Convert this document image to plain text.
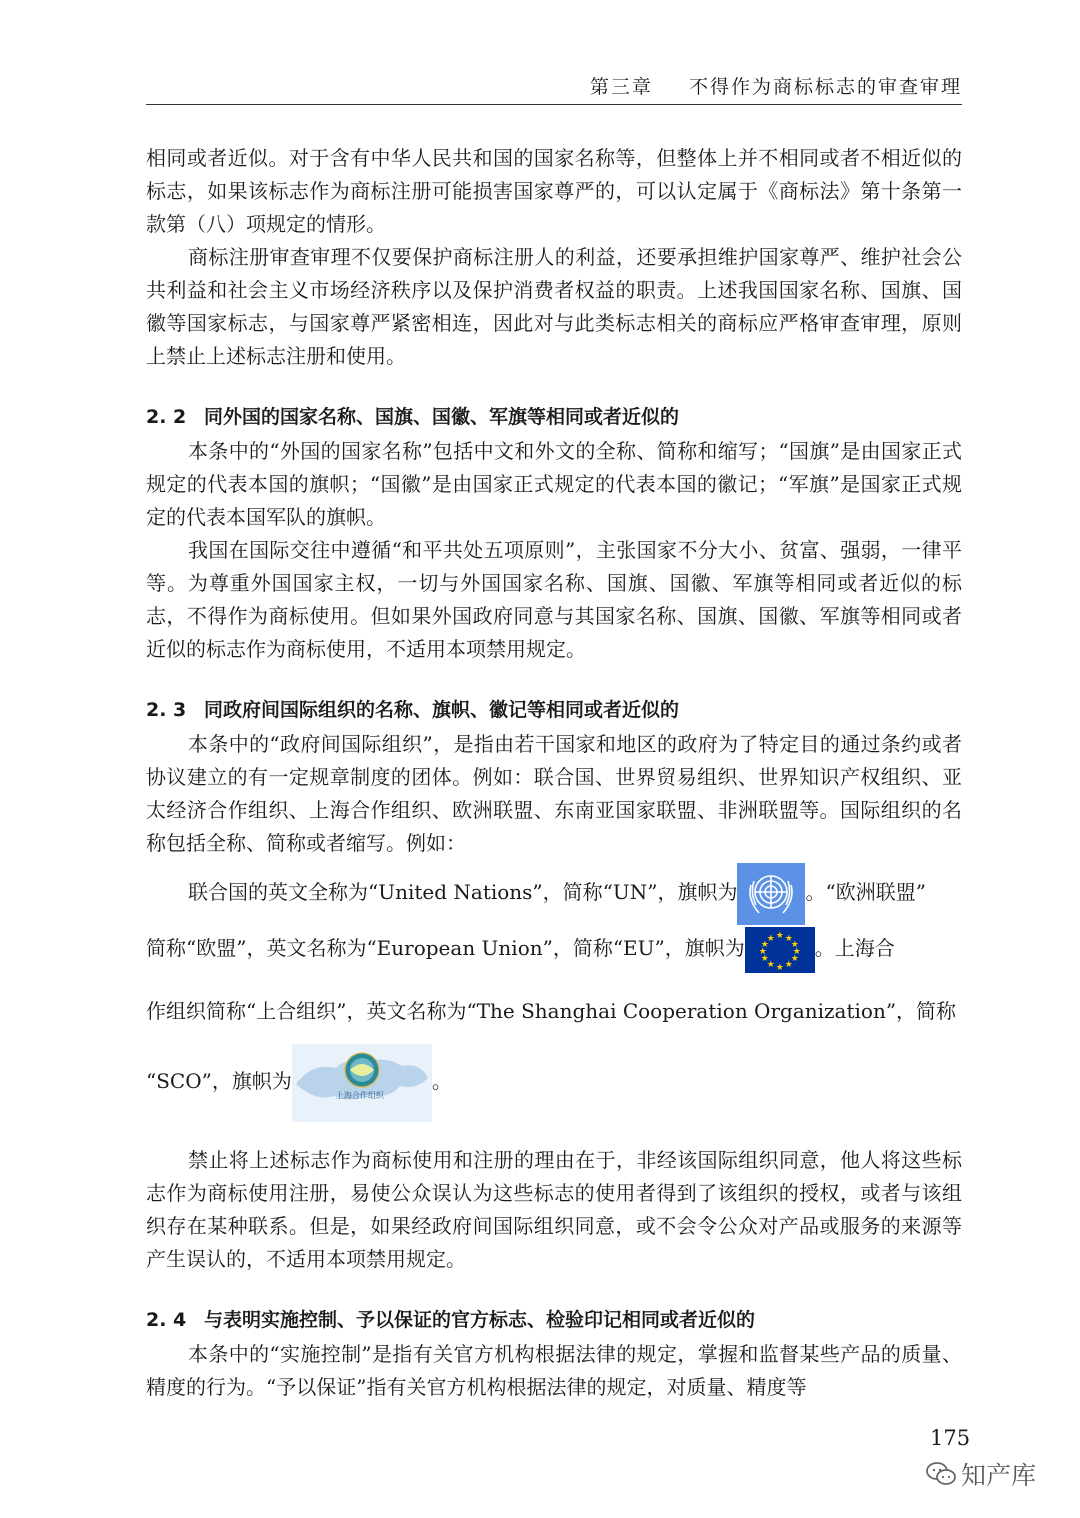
第三章 不得作为商标标志的审查审理

相同或者近似。对于含有中华人民共和国的国家名称等，但整体上并不相同或者不相近似的标志，如果该标志作为商标注册可能损害国家尊严的，可以认定属于《商标法》第十条第一款第（八）项规定的情形。

商标注册审查审理不仅要保护商标注册人的利益，还要承担维护国家尊严、维护社会公共利益和社会主义市场经济秩序以及保护消费者权益的职责。上述我国国家名称、国旗、国徽等国家标志，与国家尊严紧密相连，因此对与此类标志相关的商标应严格审查审理，原则上禁止上述标志注册和使用。

2. 2 同外国的国家名称、国旗、国徽、军旗等相同或者近似的

本条中的“外国的国家名称”包括中文和外文的全称、简称和缩写；“国旗”是由国家正式规定的代表本国的旗帜；“国徽”是由国家正式规定的代表本国的徽记；“军旗”是国家正式规定的代表本国军队的旗帜。

我国在国际交往中遵循“和平共处五项原则”，主张国家不分大小、贫富、强弱，一律平等。为尊重外国国家主权，一切与外国国家名称、国旗、国徽、军旗等相同或者近似的标志，不得作为商标使用。但如果外国政府同意与其国家名称、国旗、国徽、军旗等相同或者近似的标志作为商标使用，不适用本项禁用规定。

2. 3 同政府间国际组织的名称、旗帜、徽记等相同或者近似的

本条中的“政府间国际组织”，是指由若干国家和地区的政府为了特定目的通过条约或者协议建立的有一定规章制度的团体。例如：联合国、世界贸易组织、世界知识产权组织、亚太经济合作组织、上海合作组织、欧洲联盟、东南亚国家联盟、非洲联盟等。国际组织的名称包括全称、简称或者缩写。例如：

联合国的英文全称为“United Nations”，简称“UN”，旗帜为	。“欧洲联盟”
简称“欧盟”，英文名称为“European Union”，简称“EU”，旗帜为
★ ★
★
★
★
★
★
★
★
★
★
★ 。上海合
作组织简称“上合组织”，英文名称为“The Shanghai Cooperation Organization”，简称
“SCO”，旗帜为
上海合作组织
。

禁止将上述标志作为商标使用和注册的理由在于，非经该国际组织同意，他人将这些标志作为商标使用注册，易使公众误认为这些标志的使用者得到了该组织的授权，或者与该组织存在某种联系。但是，如果经政府间国际组织同意，或不会令公众对产品或服务的来源等产生误认的，不适用本项禁用规定。

2. 4 与表明实施控制、予以保证的官方标志、检验印记相同或者近似的

本条中的“实施控制”是指有关官方机构根据法律的规定，掌握和监督某些产品的质量、精度的行为。“予以保证”指有关官方机构根据法律的规定，对质量、精度等

175
知产库
